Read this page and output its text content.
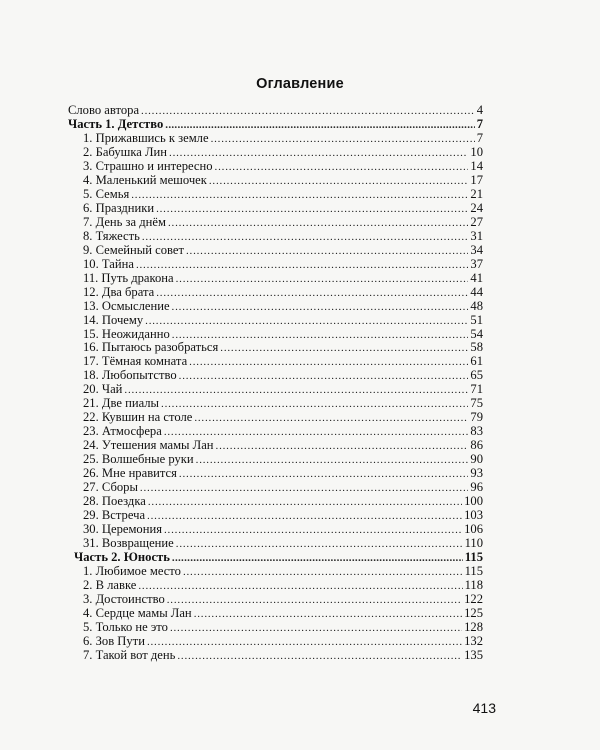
Оглавление
Слово автора .....	4
Часть 1. Детство .....	7
1. Прижавшись к земле .....	7
2. Бабушка Лин .....	10
3. Страшно и интересно .....	14
4. Маленький мешочек .....	17
5. Семья .....	21
6. Праздники .....	24
7. День за днём .....	27
8. Тяжесть .....	31
9. Семейный совет .....	34
10. Тайна .....	37
11. Путь дракона .....	41
12. Два брата .....	44
13. Осмысление .....	48
14. Почему .....	51
15. Неожиданно .....	54
16. Пытаюсь разобраться .....	58
17. Тёмная комната .....	61
18. Любопытство .....	65
20. Чай .....	71
21. Две пиалы .....	75
22. Кувшин на столе .....	79
23. Атмосфера .....	83
24. Утешения мамы Лан .....	86
25. Волшебные руки .....	90
26. Мне нравится .....	93
27. Сборы .....	96
28. Поездка .....	100
29. Встреча .....	103
30. Церемония .....	106
31. Возвращение .....	110
Часть 2. Юность .....	115
1. Любимое место .....	115
2. В лавке .....	118
3. Достоинство .....	122
4. Сердце мамы Лан .....	125
5. Только не это .....	128
6. Зов Пути .....	132
7. Такой вот день .....	135
413
